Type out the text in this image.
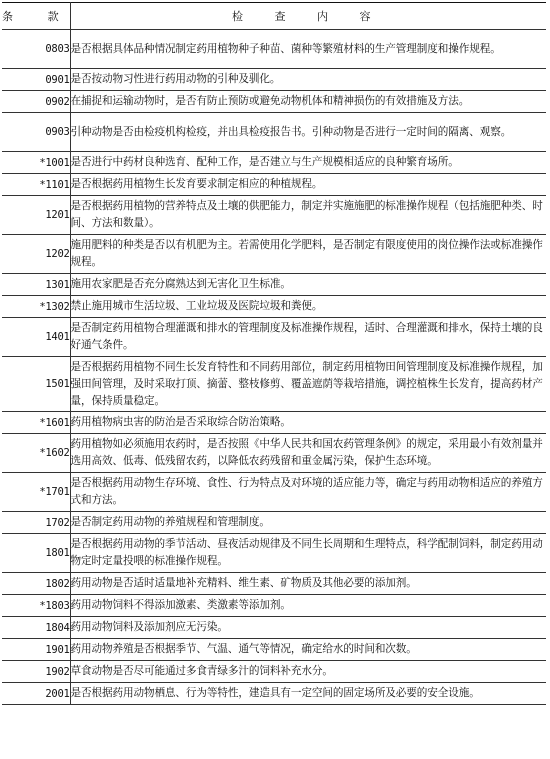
条 款	检 查 内 容
0803	是否根据具体品种情况制定药用植物种子种苗、菌种等繁殖材料的生产管理制度和操作规程。
0901	是否按动物习性进行药用动物的引种及驯化。
0902	在捕捉和运输动物时，是否有防止预防或避免动物机体和精神损伤的有效措施及方法。
0903	引种动物是否由检疫机构检疫，并出具检疫报告书。引种动物是否进行一定时间的隔离、观察。
*1001	是否进行中药材良种选育、配种工作，是否建立与生产规模相适应的良种繁育场所。
*1101	是否根据药用植物生长发育要求制定相应的种植规程。
1201	是否根据药用植物的营养特点及土壤的供肥能力，制定并实施施肥的标准操作规程（包括施肥种类、时间、方法和数量）。
1202	施用肥料的种类是否以有机肥为主。若需使用化学肥料，是否制定有限度使用的岗位操作法或标准操作规程。
1301	施用农家肥是否充分腐熟达到无害化卫生标准。
*1302	禁止施用城市生活垃圾、工业垃圾及医院垃圾和粪便。
1401	是否制定药用植物合理灌溉和排水的管理制度及标准操作规程，适时、合理灌溉和排水，保持土壤的良好通气条件。
1501	是否根据药用植物不同生长发育特性和不同药用部位，制定药用植物田间管理制度及标准操作规程，加强田间管理，及时采取打顶、摘蕾、整枝修剪、覆盖遮荫等栽培措施，调控植株生长发育，提高药材产量，保持质量稳定。
*1601	药用植物病虫害的防治是否采取综合防治策略。
*1602	药用植物如必须施用农药时，是否按照《中华人民共和国农药管理条例》的规定，采用最小有效剂量并选用高效、低毒、低残留农药，以降低农药残留和重金属污染，保护生态环境。
*1701	是否根据药用动物生存环境、食性、行为特点及对环境的适应能力等，确定与药用动物相适应的养殖方式和方法。
1702	是否制定药用动物的养殖规程和管理制度。
1801	是否根据药用动物的季节活动、昼夜活动规律及不同生长周期和生理特点，科学配制饲料，制定药用动物定时定量投喂的标准操作规程。
1802	药用动物是否适时适量地补充精料、维生素、矿物质及其他必要的添加剂。
*1803	药用动物饲料不得添加激素、类激素等添加剂。
1804	药用动物饲料及添加剂应无污染。
1901	药用动物养殖是否根据季节、气温、通气等情况，确定给水的时间和次数。
1902	草食动物是否尽可能通过多食青绿多汁的饲料补充水分。
2001	是否根据药用动物栖息、行为等特性，建造具有一定空间的固定场所及必要的安全设施。
